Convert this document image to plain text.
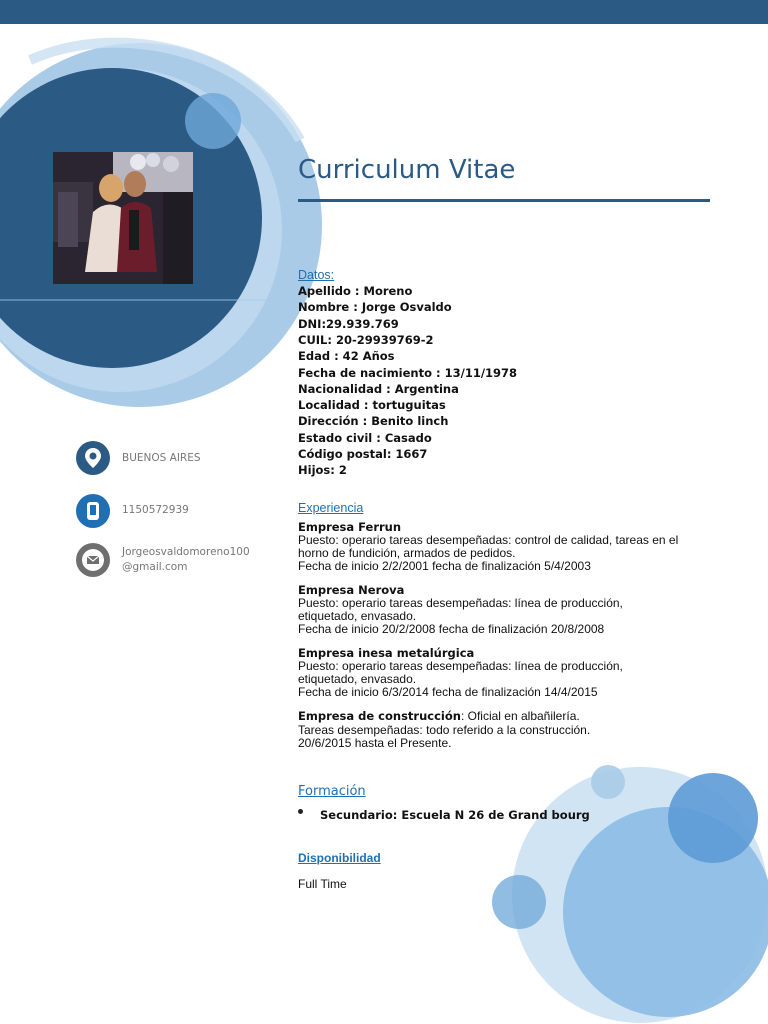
Curriculum Vitae
BUENOS AIRES
1150572939
Jorgeosvaldomoreno100
@gmail.com
Datos:
Apellido : Moreno
Nombre : Jorge Osvaldo
DNI:29.939.769
CUIL: 20-29939769-2
Edad : 42 Años
Fecha de nacimiento : 13/11/1978
Nacionalidad : Argentina
Localidad : tortuguitas
Dirección : Benito linch
Estado civil : Casado
Código postal: 1667
Hijos: 2
Experiencia
Empresa Ferrun
Puesto: operario tareas desempeñadas: control de calidad, tareas en el
horno de fundición, armados de pedidos.
Fecha de inicio 2/2/2001 fecha de finalización 5/4/2003
Empresa Nerova
Puesto: operario tareas desempeñadas: línea de producción,
etiquetado, envasado.
Fecha de inicio 20/2/2008 fecha de finalización 20/8/2008
Empresa inesa metalúrgica
Puesto: operario tareas desempeñadas: línea de producción,
etiquetado, envasado.
Fecha de inicio 6/3/2014 fecha de finalización 14/4/2015
Empresa de construcción: Oficial en albañilería.
Tareas desempeñadas: todo referido a la construcción.
20/6/2015 hasta el Presente.
Formación
Secundario: Escuela N 26 de Grand bourg
Disponibilidad
Full Time
